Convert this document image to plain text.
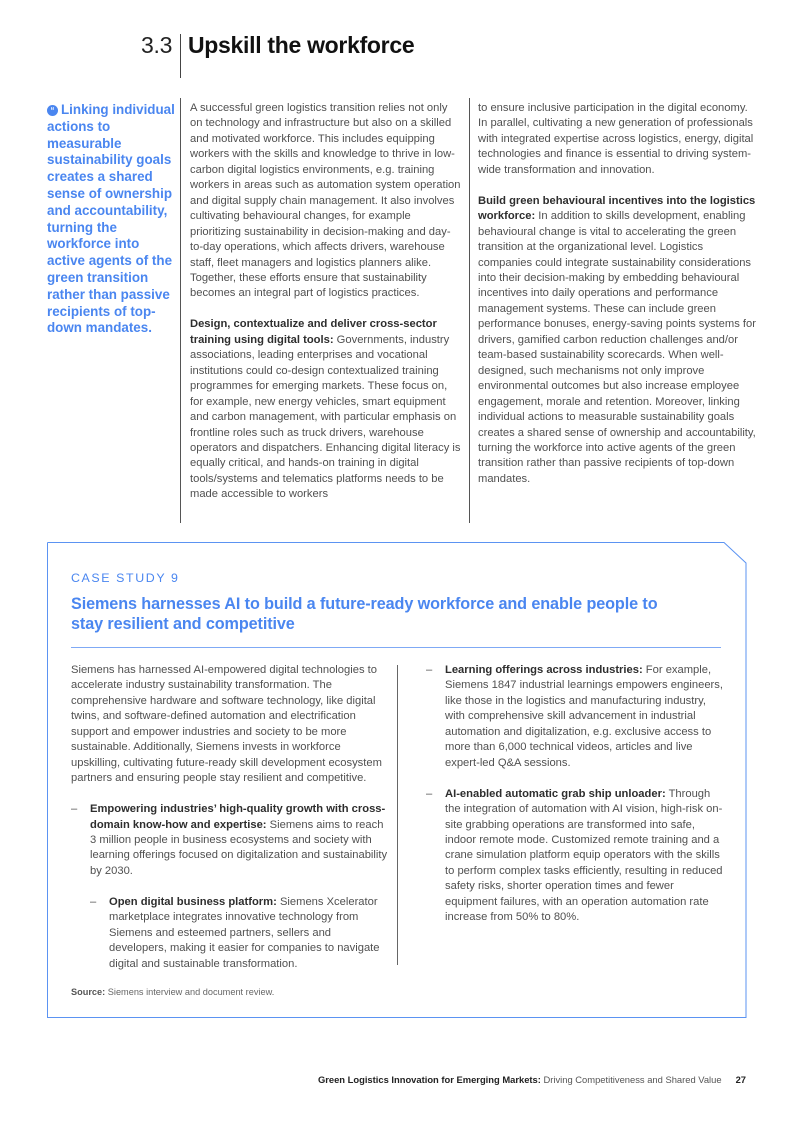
3.3 Upskill the workforce
“ Linking individual actions to measurable sustainability goals creates a shared sense of ownership and accountability, turning the workforce into active agents of the green transition rather than passive recipients of top-down mandates.

A successful green logistics transition relies not only on technology and infrastructure but also on a skilled and motivated workforce. This includes equipping workers with the skills and knowledge to thrive in low-carbon digital logistics environments, e.g. training workers in areas such as automation system operation and digital supply chain management. It also involves cultivating behavioural changes, for example prioritizing sustainability in decision-making and day-to-day operations, which affects drivers, warehouse staff, fleet managers and logistics planners alike. Together, these efforts ensure that sustainability becomes an integral part of logistics practices.

Design, contextualize and deliver cross-sector training using digital tools: Governments, industry associations, leading enterprises and vocational institutions could co-design contextualized training programmes for emerging markets. These focus on, for example, new energy vehicles, smart equipment and carbon management, with particular emphasis on frontline roles such as truck drivers, warehouse operators and dispatchers. Enhancing digital literacy is equally critical, and hands-on training in digital tools/systems and telematics platforms needs to be made accessible to workers

to ensure inclusive participation in the digital economy. In parallel, cultivating a new generation of professionals with integrated expertise across logistics, energy, digital technologies and finance is essential to driving system-wide transformation and innovation.

Build green behavioural incentives into the logistics workforce: In addition to skills development, enabling behavioural change is vital to accelerating the green transition at the organizational level. Logistics companies could integrate sustainability considerations into their decision-making by embedding behavioural incentives into daily operations and performance management systems. These can include green performance bonuses, energy-saving points systems for drivers, gamified carbon reduction challenges and/or team-based sustainability scorecards. When well-designed, such mechanisms not only improve environmental outcomes but also increase employee engagement, morale and retention. Moreover, linking individual actions to measurable sustainability goals creates a shared sense of ownership and accountability, turning the workforce into active agents of the green transition rather than passive recipients of top-down mandates.

CASE STUDY 9
Siemens harnesses AI to build a future-ready workforce and enable people to stay resilient and competitive

Siemens has harnessed AI-empowered digital technologies to accelerate industry sustainability transformation. The comprehensive hardware and software technology, like digital twins, and software-defined automation and electrification support and empower industries and society to be more sustainable. Additionally, Siemens invests in workforce upskilling, cultivating future-ready skill development ecosystem partners and ensuring people stay resilient and competitive.

– Empowering industries’ high-quality growth with cross-domain know-how and expertise: Siemens aims to reach 3 million people in business ecosystems and society with learning offerings focused on digitalization and sustainability by 2030.
– Open digital business platform: Siemens Xcelerator marketplace integrates innovative technology from Siemens and esteemed partners, sellers and developers, making it easier for companies to navigate digital and sustainable transformation.
– Learning offerings across industries: For example, Siemens 1847 industrial learnings empowers engineers, like those in the logistics and manufacturing industry, with comprehensive skill advancement in industrial automation and digitalization, e.g. exclusive access to more than 6,000 technical videos, articles and live expert-led Q&A sessions.
– AI-enabled automatic grab ship unloader: Through the integration of automation with AI vision, high-risk on-site grabbing operations are transformed into safe, indoor remote mode. Customized remote training and a crane simulation platform equip operators with the skills to perform complex tasks efficiently, resulting in reduced safety risks, shorter operation times and fewer equipment failures, with an operation automation rate increase from 50% to 80%.
Source: Siemens interview and document review.
Green Logistics Innovation for Emerging Markets: Driving Competitiveness and Shared Value 27
